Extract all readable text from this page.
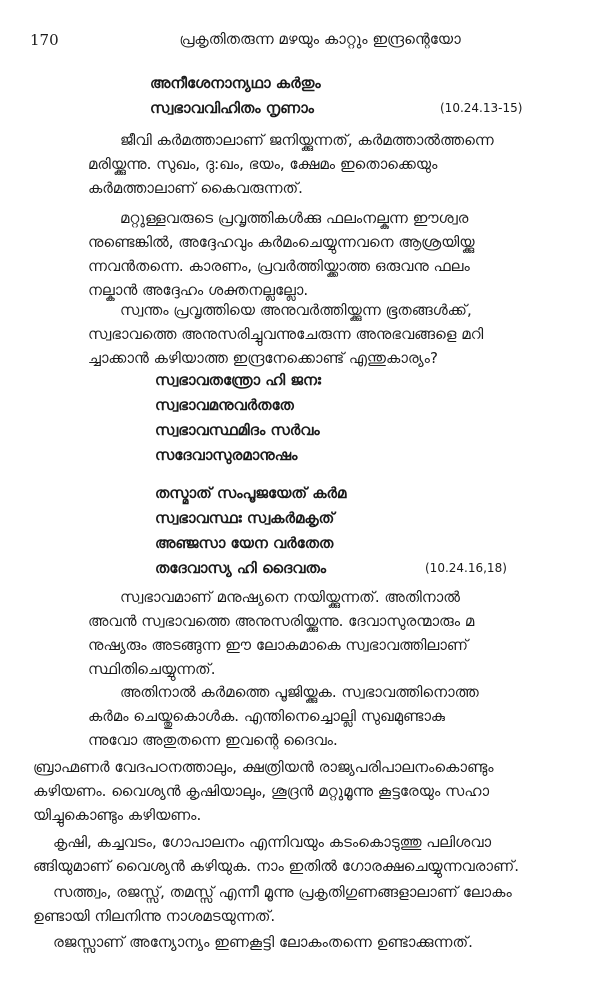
170	പ്രകൃതിതരുന്ന മഴയും കാറ്റും ഇന്ദ്രന്റെയോ
അനീശേനാന്യഥാ കർതും
സ്വഭാവവിഹിതം നൃണാം	(10.24.13-15)
ജീവി കർമത്താലാണ് ജനിയ്ക്കുന്നത്, കർമത്താൽത്തന്നെ
മരിയ്ക്കുന്നു. സുഖം, ദു:ഖം, ഭയം, ക്ഷേമം ഇതൊക്കെയും
കർമത്താലാണ് കൈവരുന്നത്.
മറ്റുള്ളവരുടെ പ്രവൃത്തികൾക്കു ഫലംനല്കുന്ന ഈശ്വര
നുണ്ടെങ്കിൽ, അദ്ദേഹവും കർമംചെയ്യുന്നവനെ ആശ്രയിയ്ക്കു
ന്നവൻതന്നെ. കാരണം, പ്രവർത്തിയ്ക്കാത്ത ഒരുവനു ഫലം
നല്കാൻ അദ്ദേഹം ശക്തനല്ലല്ലോ.
സ്വന്തം പ്രവൃത്തിയെ അനുവർത്തിയ്ക്കുന്ന ഭൂതങ്ങൾക്ക്,
സ്വഭാവത്തെ അനുസരിച്ചുവന്നുചേരുന്ന അനുഭവങ്ങളെ മറി
ച്ചാക്കാൻ കഴിയാത്ത ഇന്ദ്രനേക്കൊണ്ട് എന്തുകാര്യം?
സ്വഭാവതന്ത്രോ ഹി ജനഃ
സ്വഭാവമനുവർതതേ
സ്വഭാവസ്ഥമിദം സർവം
സദേവാസുരമാനുഷം
തസ്മാത് സംപൂജയേത് കർമ
സ്വഭാവസ്ഥഃ സ്വകർമകൃത്
അഞ്ജസാ യേന വർതേത
തദേവാസ്യ ഹി ദൈവതം	(10.24.16,18)
സ്വഭാവമാണ് മനുഷ്യനെ നയിയ്ക്കുന്നത്. അതിനാൽ
അവൻ സ്വഭാവത്തെ അനുസരിയ്ക്കുന്നു. ദേവാസുരന്മാരും മ
നുഷ്യരും അടങ്ങുന്ന ഈ ലോകമാകെ സ്വഭാവത്തിലാണ്
സ്ഥിതിചെയ്യുന്നത്.
അതിനാൽ കർമത്തെ പൂജിയ്ക്കുക. സ്വഭാവത്തിനൊത്ത
കർമം ചെയ്തുകൊൾക. എന്തിനെച്ചൊല്ലി സുഖമുണ്ടാകു
ന്നുവോ അതുതന്നെ ഇവന്റെ ദൈവം.
ബ്രാഹ്മണർ വേദപഠനത്താലും, ക്ഷത്രിയൻ രാജ്യപരിപാലനംകൊണ്ടും
കഴിയണം. വൈശ്യൻ കൃഷിയാലും, ശൂദ്രൻ മറ്റുമൂന്നു കൂട്ടരേയും സഹാ
യിച്ചുകൊണ്ടും കഴിയണം.
കൃഷി, കച്ചവടം, ഗോപാലനം എന്നിവയും കടംകൊടുത്തു പലിശവാ
ങ്ങിയുമാണ് വൈശ്യൻ കഴിയുക. നാം ഇതിൽ ഗോരക്ഷചെയ്യുന്നവരാണ്.
സത്ത്വം, രജസ്സ്, തമസ്സ് എന്നീ മൂന്നു പ്രകൃതിഗുണങ്ങളാലാണ് ലോകം
ഉണ്ടായി നിലനിന്നു നാശമടയുന്നത്.
രജസ്സാണ് അന്യോന്യം ഇണകൂട്ടി ലോകംതന്നെ ഉണ്ടാക്കുന്നത്.
